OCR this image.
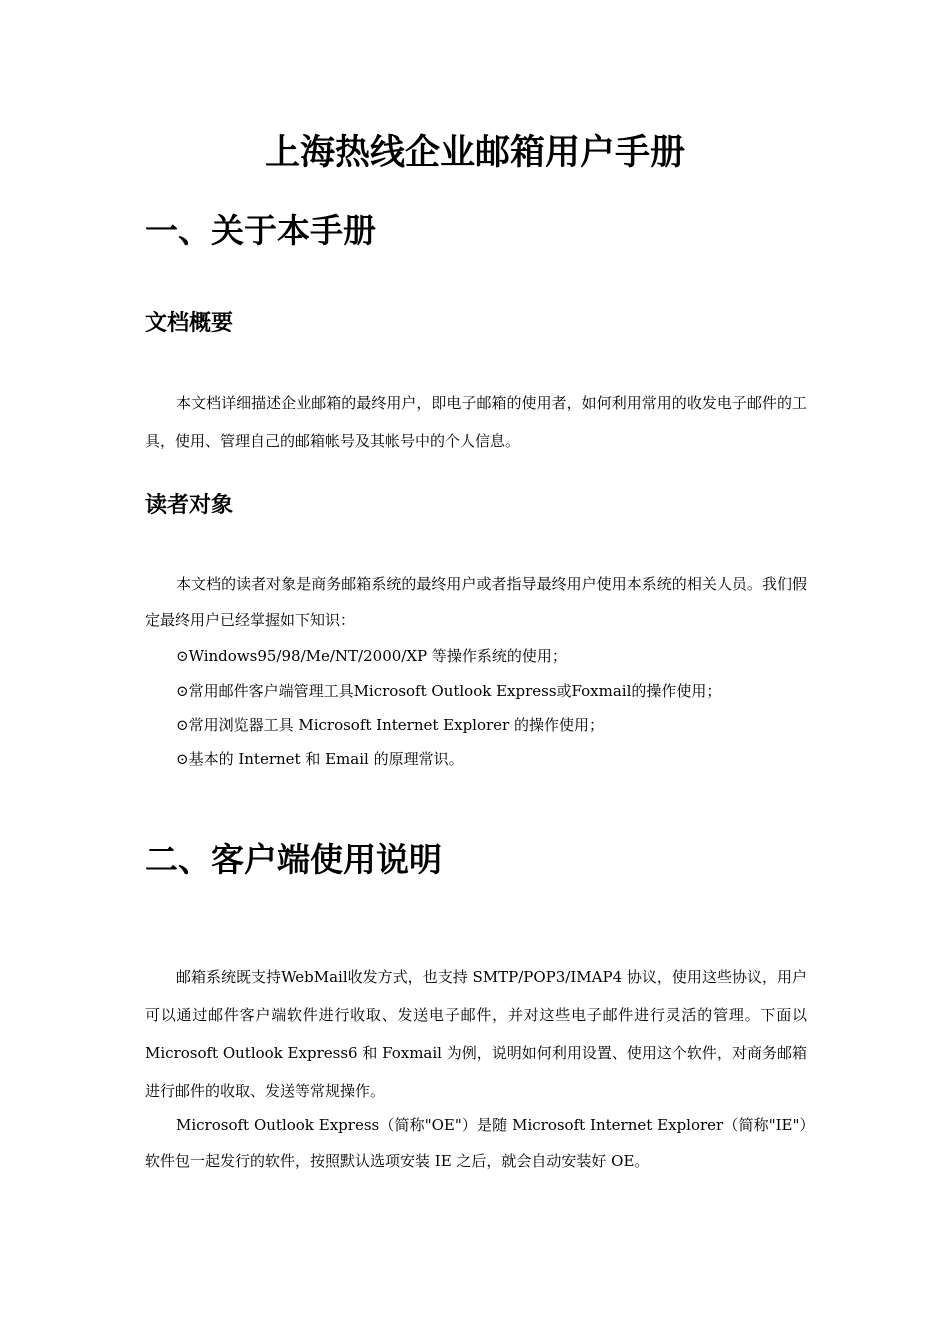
上海热线企业邮箱用户手册
一、关于本手册
文档概要

本文档详细描述企业邮箱的最终用户，即电子邮箱的使用者，如何利用常用的收发电子邮件的工具，使用、管理自己的邮箱帐号及其帐号中的个人信息。

读者对象

本文档的读者对象是商务邮箱系统的最终用户或者指导最终用户使用本系统的相关人员。我们假定最终用户已经掌握如下知识：

⊙Windows95/98/Me/NT/2000/XP 等操作系统的使用；
⊙常用邮件客户端管理工具Microsoft Outlook Express或Foxmail的操作使用；
⊙常用浏览器工具 Microsoft Internet Explorer 的操作使用；
⊙基本的 Internet 和 Email 的原理常识。
二、客户端使用说明

邮箱系统既支持WebMail收发方式，也支持 SMTP/POP3/IMAP4 协议，使用这些协议，用户可以通过邮件客户端软件进行收取、发送电子邮件，并对这些电子邮件进行灵活的管理。下面以 Microsoft Outlook Express6 和 Foxmail 为例，说明如何利用设置、使用这个软件，对商务邮箱进行邮件的收取、发送等常规操作。

Microsoft Outlook Express（简称"OE"）是随 Microsoft Internet Explorer（简称"IE"）软件包一起发行的软件，按照默认选项安装 IE 之后，就会自动安装好 OE。
